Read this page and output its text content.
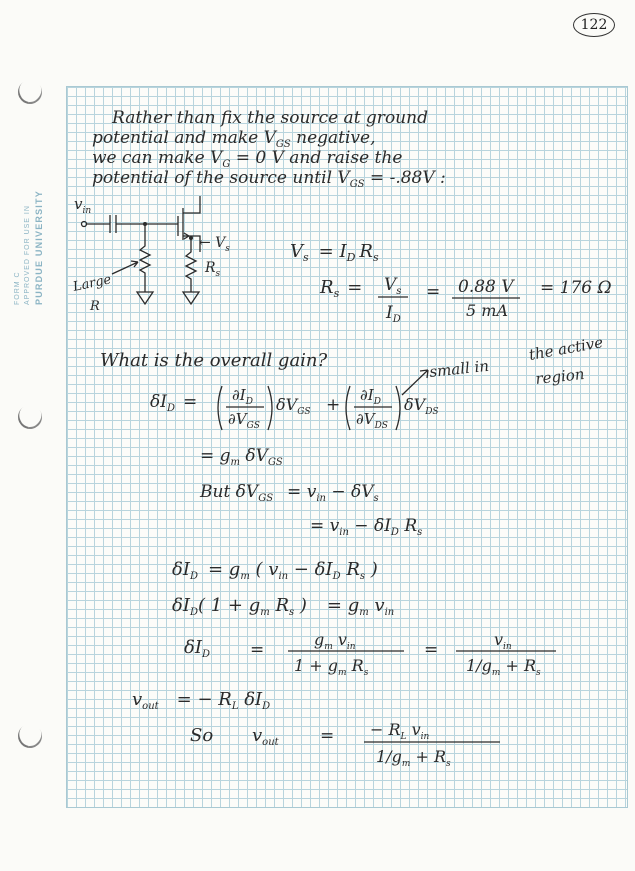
FORM C APPROVED FOR USE IN PURDUE UNIVERSITY
122
Rather than fix the source at ground
potential and make $V_{GS}$ negative,
we can make $V_G = 0$ V and raise the
potential of the source until $V_{GS} = -.88V$ :
$v_{in}$
← $V_s$
$R_s$
Large
R
$V_s = I_D$ $R_s$
$R_s = V_s$
$I_D$
= 0.88 V
5 mA
= 176 Ω
What is the overall gain?	small in
the active
region
$\delta I_D = \partial I_D$
$\partial V_{GS}$
$\delta V_{GS} + \partial I_D$
$\partial V_{DS}$
$\delta V_{DS}$
= $g_m$ $\delta V_{GS}$
But $\delta V_{GS} = v_{in} - \delta V_s$
= $v_{in} - \delta I_D$ $R_s$
$\delta I_D = g_m$ ( $v_{in} - \delta I_D$ $R_s$ )
$\delta I_D$( $1 + g_m$ $R_s$ ) = $g_m$ $v_{in}$
$\delta I_D$ =
$g_m$ $v_{in}$
$1 + g_m$ $R_s$
=
$v_{in}$
$1/g_m + R_s$
$v_{out}$ = − $R_L$ $\delta I_D$
So $v_{out}$ = − $R_L$ $v_{in}$
$1/g_m + R_s$
